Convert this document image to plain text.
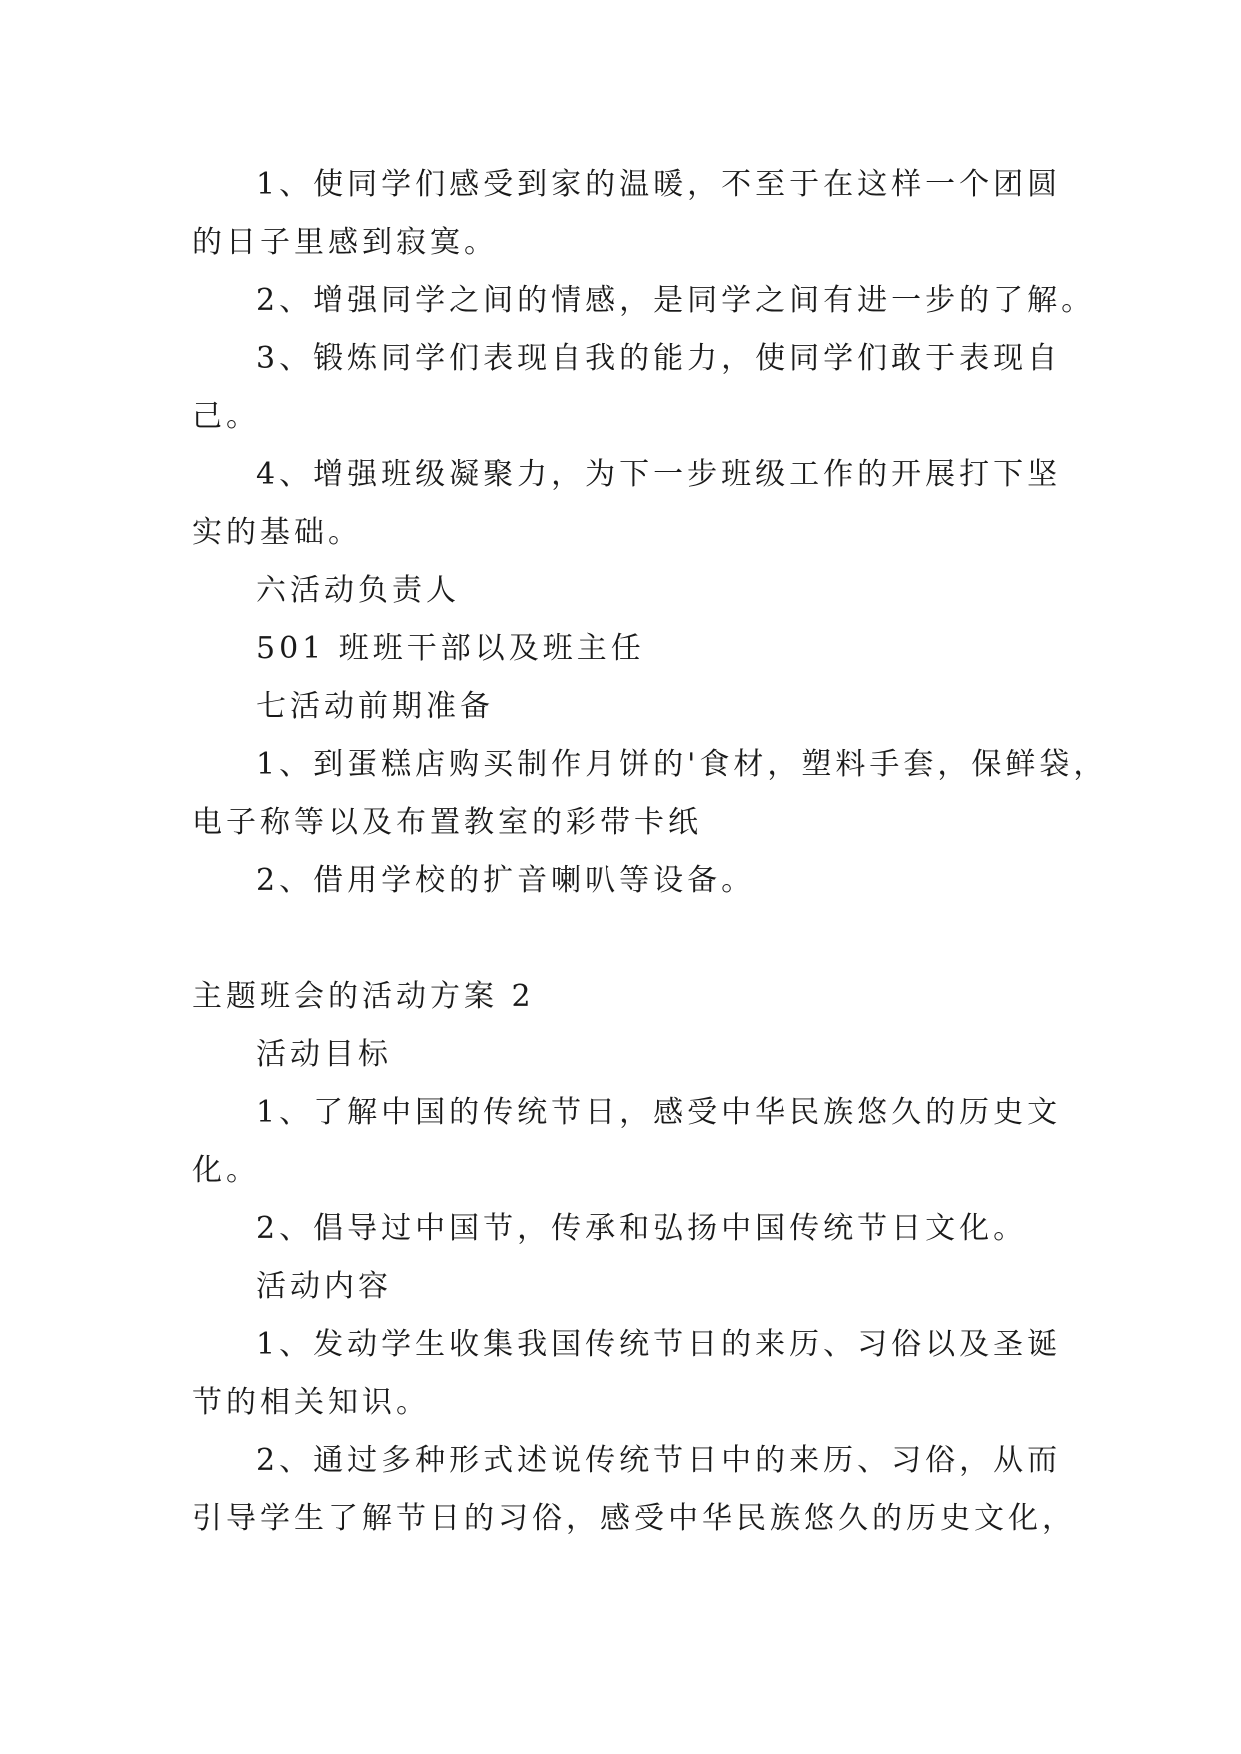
1、使同学们感受到家的温暖，不至于在这样一个团圆
的日子里感到寂寞。
2、增强同学之间的情感，是同学之间有进一步的了解。
3、锻炼同学们表现自我的能力，使同学们敢于表现自
己。
4、增强班级凝聚力，为下一步班级工作的开展打下坚
实的基础。
六活动负责人
501 班班干部以及班主任
七活动前期准备
1、到蛋糕店购买制作月饼的'食材，塑料手套，保鲜袋，
电子称等以及布置教室的彩带卡纸
2、借用学校的扩音喇叭等设备。
主题班会的活动方案 2
活动目标
1、了解中国的传统节日，感受中华民族悠久的历史文
化。
2、倡导过中国节，传承和弘扬中国传统节日文化。
活动内容
1、发动学生收集我国传统节日的来历、习俗以及圣诞
节的相关知识。
2、通过多种形式述说传统节日中的来历、习俗，从而
引导学生了解节日的习俗，感受中华民族悠久的历史文化，
